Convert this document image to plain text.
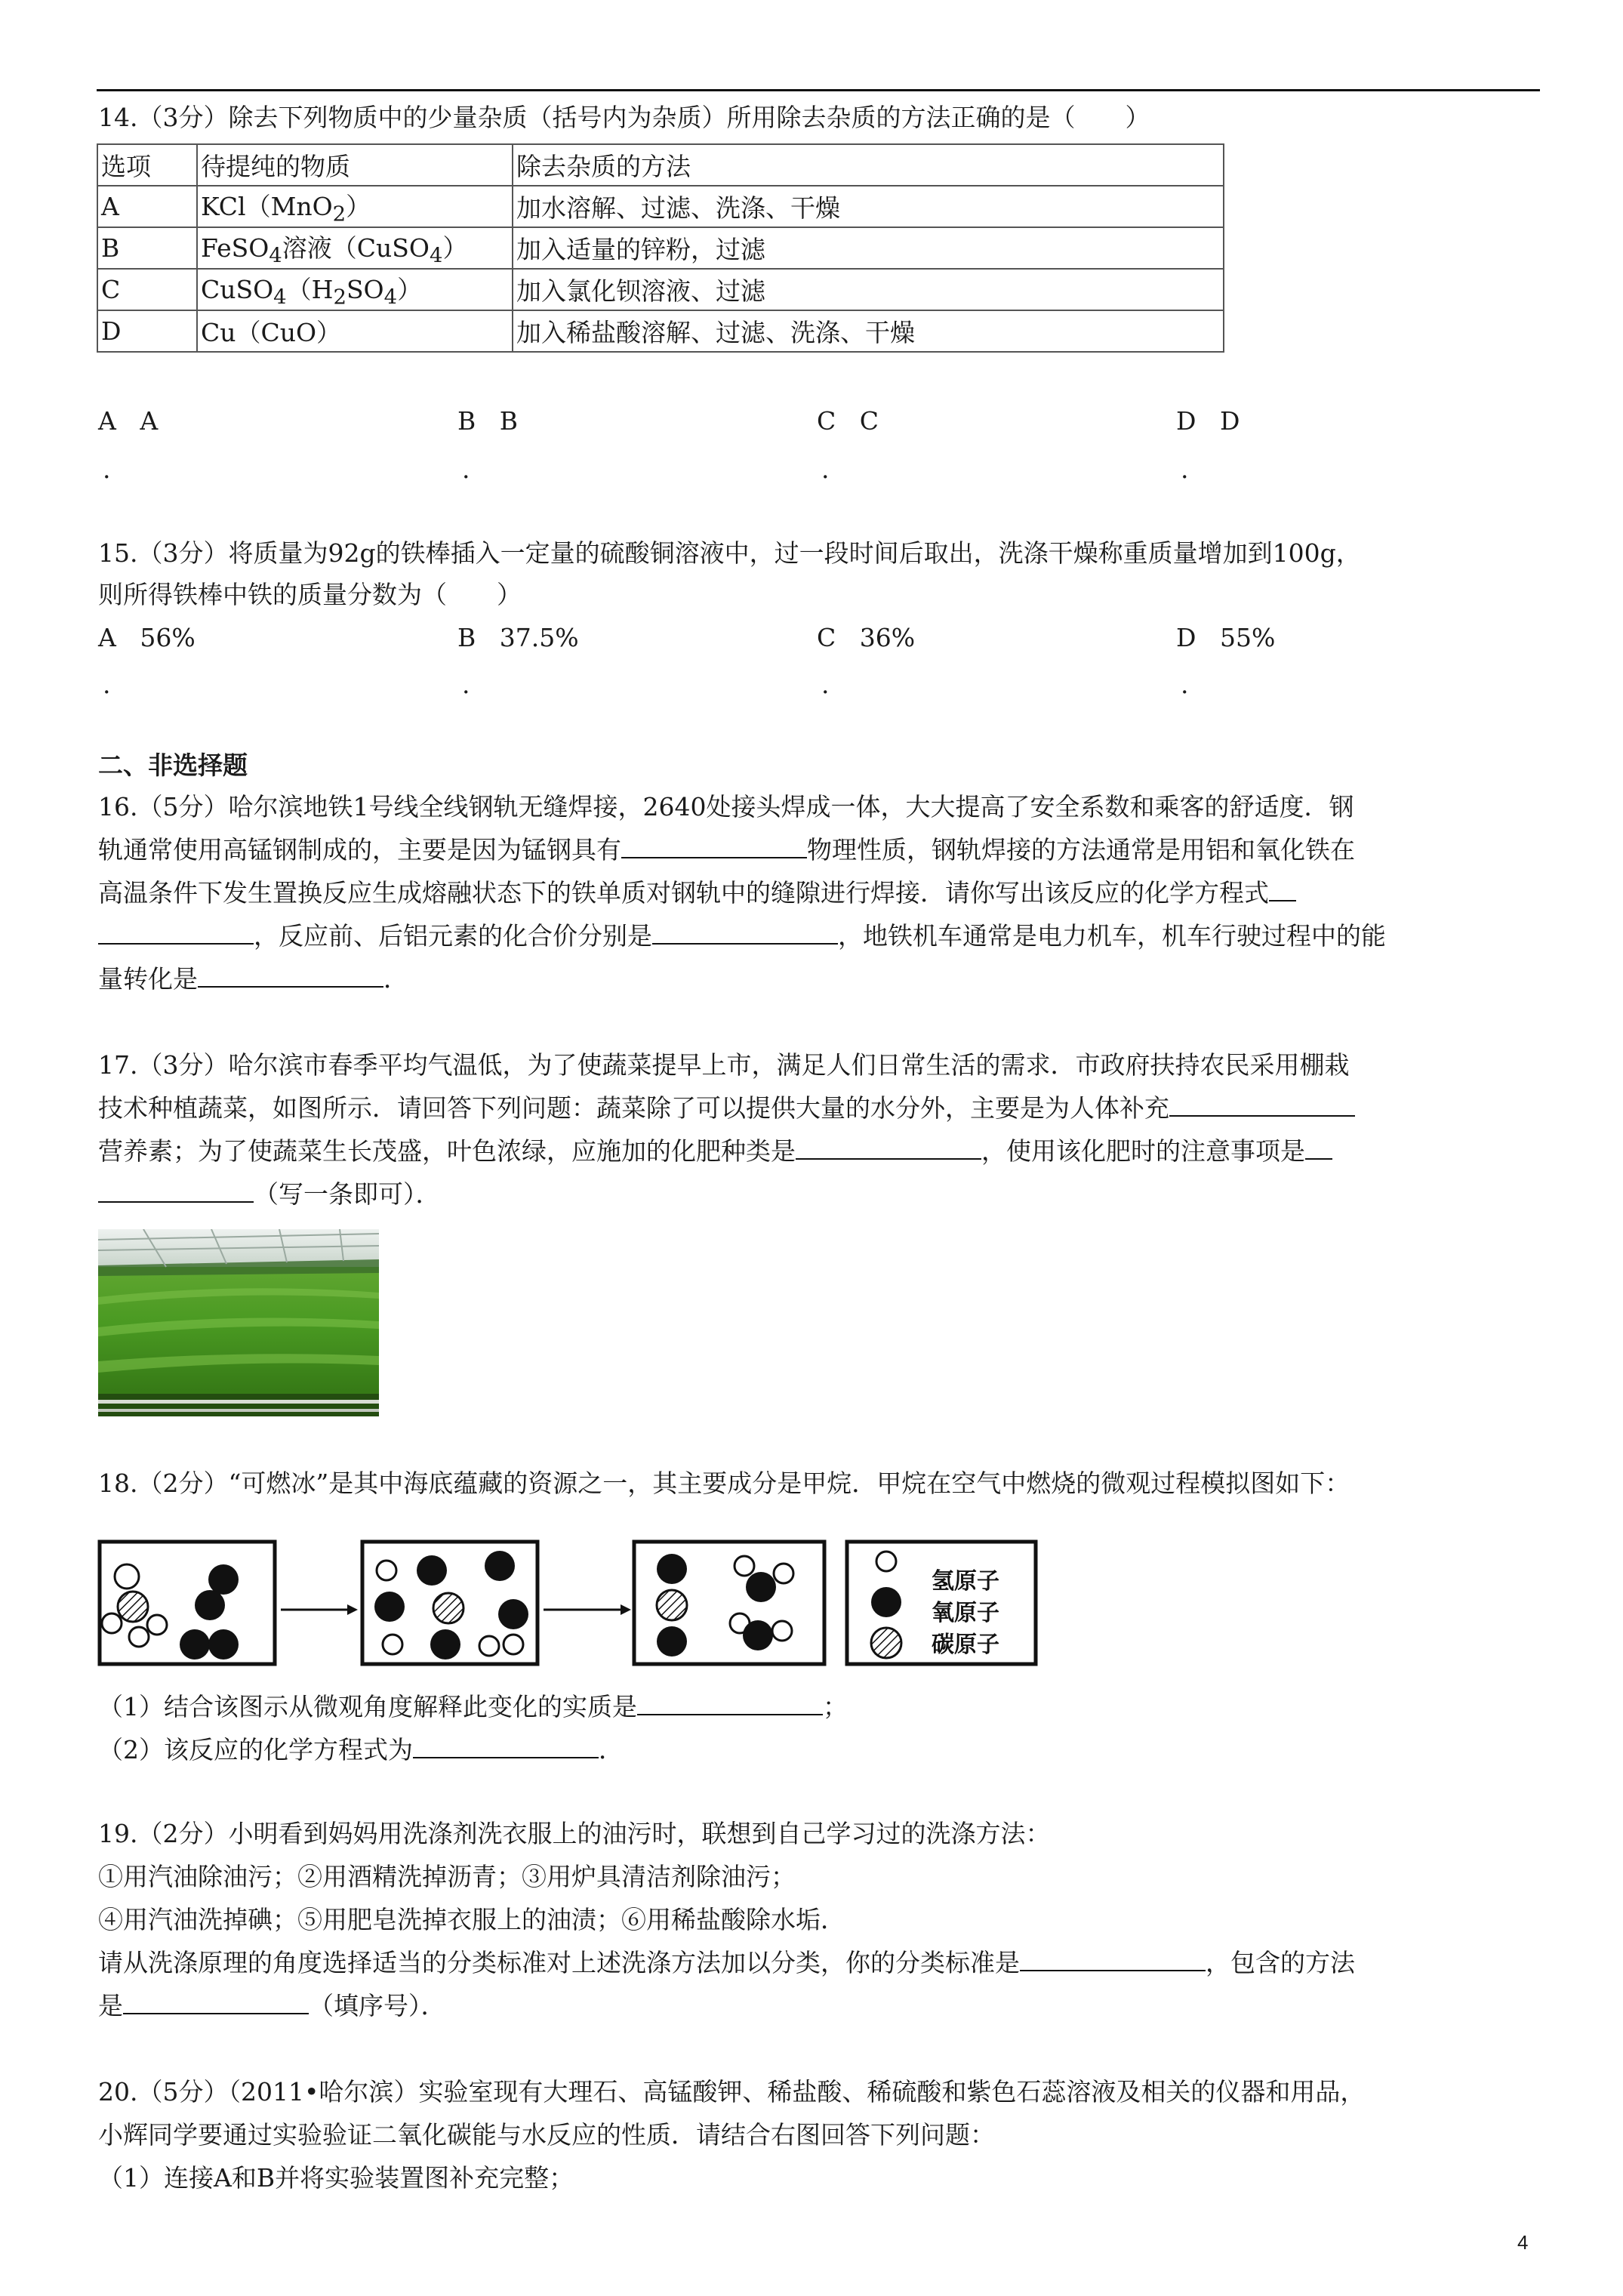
14.（3分）除去下列物质中的少量杂质（括号内为杂质）所用除去杂质的方法正确的是（　　）
选项	待提纯的物质	除去杂质的方法
A	KCl（MnO$_2$）	加水溶解、过滤、洗涤、干燥
B	FeSO$_4$溶液（CuSO$_4$）	加入适量的锌粉，过滤
C	$CuSO_4(H_2SO_4)$	加入氯化钡溶液、过滤
D	Cu（CuO）	加入稀盐酸溶解、过滤、洗涤、干燥
A A	B B	C C	D D
.	.	.	.
15.（3分）将质量为92g的铁棒插入一定量的硫酸铜溶液中，过一段时间后取出，洗涤干燥称重质量增加到100g，
则所得铁棒中铁的质量分数为（　　）
A 56%	B 37.5%	C 36%	D 55%
.	.	.	.
二、非选择题
16.（5分）哈尔滨地铁1号线全线钢轨无缝焊接，2640处接头焊成一体，大大提高了安全系数和乘客的舒适度．钢
轨通常使用高锰钢制成的，主要是因为锰钢具有	物理性质，钢轨焊接的方法通常是用铝和氧化铁在
高温条件下发生置换反应生成熔融状态下的铁单质对钢轨中的缝隙进行焊接．请你写出该反应的化学方程式
，反应前、后铝元素的化合价分别是	，地铁机车通常是电力机车，机车行驶过程中的能
量转化是	．
17.（3分）哈尔滨市春季平均气温低，为了使蔬菜提早上市，满足人们日常生活的需求．市政府扶持农民采用棚栽
技术种植蔬菜，如图所示．请回答下列问题：蔬菜除了可以提供大量的水分外，主要是为人体补充
营养素；为了使蔬菜生长茂盛，叶色浓绿，应施加的化肥种类是	，使用该化肥时的注意事项是
（写一条即可）．
18.（2分）“可燃冰”是其中海底蕴藏的资源之一，其主要成分是甲烷．甲烷在空气中燃烧的微观过程模拟图如下：
氢原子
氧原子
碳原子
（1）结合该图示从微观角度解释此变化的实质是	；
（2）该反应的化学方程式为	．
19.（2分）小明看到妈妈用洗涤剂洗衣服上的油污时，联想到自己学习过的洗涤方法：
①用汽油除油污；②用酒精洗掉沥青；③用炉具清洁剂除油污；
④用汽油洗掉碘；⑤用肥皂洗掉衣服上的油渍；⑥用稀盐酸除水垢．
请从洗涤原理的角度选择适当的分类标准对上述洗涤方法加以分类，你的分类标准是	，包含的方法
是	（填序号）．
20.（5分）（2011•哈尔滨）实验室现有大理石、高锰酸钾、稀盐酸、稀硫酸和紫色石蕊溶液及相关的仪器和用品，
小辉同学要通过实验验证二氧化碳能与水反应的性质．请结合右图回答下列问题：
（1）连接A和B并将实验装置图补充完整；
4
